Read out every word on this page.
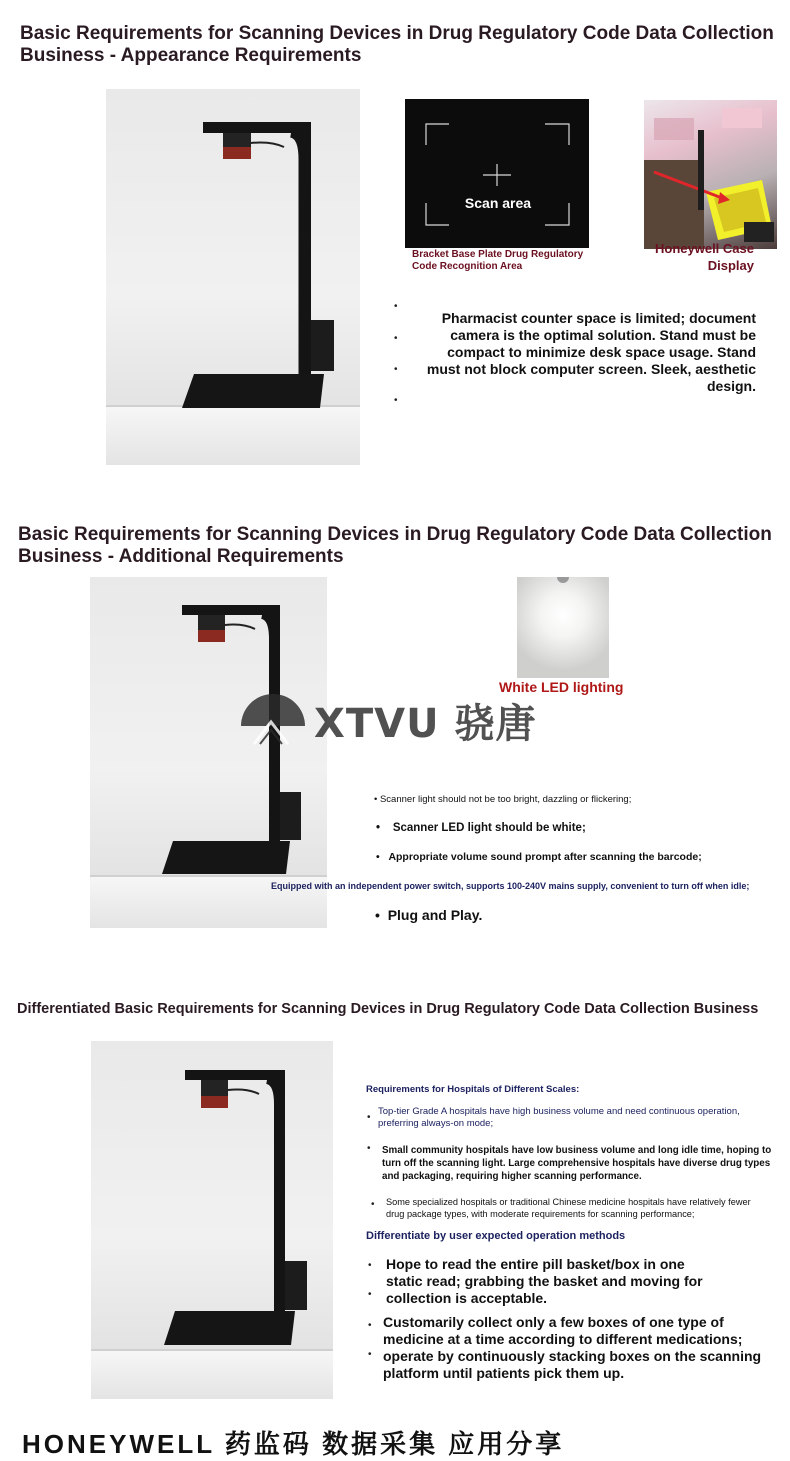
Basic Requirements for Scanning Devices in Drug Regulatory Code Data Collection Business - Appearance Requirements
Scan area
Bracket Base Plate Drug Regulatory Code Recognition Area
Honeywell Case Display
•
•
•
•
Pharmacist counter space is limited; document camera is the optimal solution. Stand must be compact to minimize desk space usage. Stand must not block computer screen. Sleek, aesthetic design.
Basic Requirements for Scanning Devices in Drug Regulatory Code Data Collection Business - Additional Requirements
White LED lighting
XTVU 骁唐
• Scanner light should not be too bright, dazzling or flickering;
•    Scanner LED light should be white;
•   Appropriate volume sound prompt after scanning the barcode;
Equipped with an independent power switch, supports 100-240V mains supply, convenient to turn off when idle;
•  Plug and Play.
Differentiated Basic Requirements for Scanning Devices in Drug Regulatory Code Data Collection Business
Requirements for Hospitals of Different Scales:
•
Top-tier Grade A hospitals have high business volume and need continuous operation, preferring always-on mode;
• Small community hospitals have low business volume and long idle time, hoping to turn off the scanning light. Large comprehensive hospitals have diverse drug types and packaging, requiring higher scanning performance.
• Some specialized hospitals or traditional Chinese medicine hospitals have relatively fewer drug package types, with moderate requirements for scanning performance;
Differentiate by user expected operation methods
•
•
Hope to read the entire pill basket/box in one static read; grabbing the basket and moving for collection is acceptable.
•
•
Customarily collect only a few boxes of one type of medicine at a time according to different medications; operate by continuously stacking boxes on the scanning platform until patients pick them up.
HONEYWELL 药监码 数据采集 应用分享
